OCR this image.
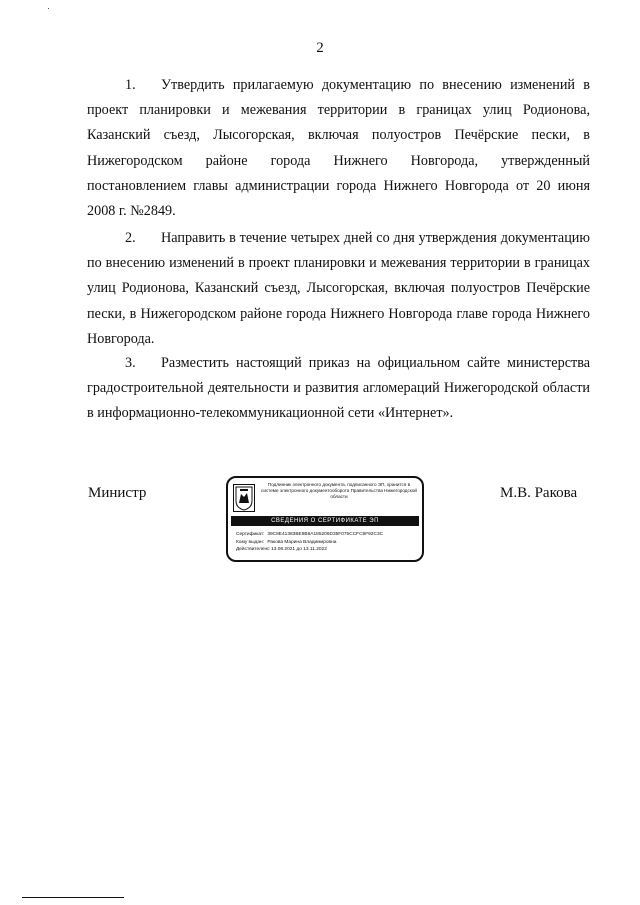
2

1. Утвердить прилагаемую документацию по внесению изменений в проект планировки и межевания территории в границах улиц Родионова, Казанский съезд, Лысогорская, включая полуостров Печёрские пески, в Нижегородском районе города Нижнего Новгорода, утвержденный постановлением главы администрации города Нижнего Новгорода от 20 июня 2008 г. №2849.

2. Направить в течение четырех дней со дня утверждения документацию по внесению изменений в проект планировки и межевания территории в границах улиц Родионова, Казанский съезд, Лысогорская, включая полуостров Печёрские пески, в Нижегородском районе города Нижнего Новгорода главе города Нижнего Новгорода.

3. Разместить настоящий приказ на официальном сайте министерства градостроительной деятельности и развития агломераций Нижегородской области в информационно-телекоммуникационной сети «Интернет».

Министр
Подлинник электронного документа, подписанного ЭП, хранится в системе электронного документооборота Правительства Нижегородской области
СВЕДЕНИЯ О СЕРТИФИКАТЕ ЭП
Сертификат: 39C8E41383BE9B6A185206D35F075CCFC9F92C3C
Кому выдан: Ракова Марина Владимировна
Действителен: с 13.08.2021 до 13.11.2022
М.В. Ракова
